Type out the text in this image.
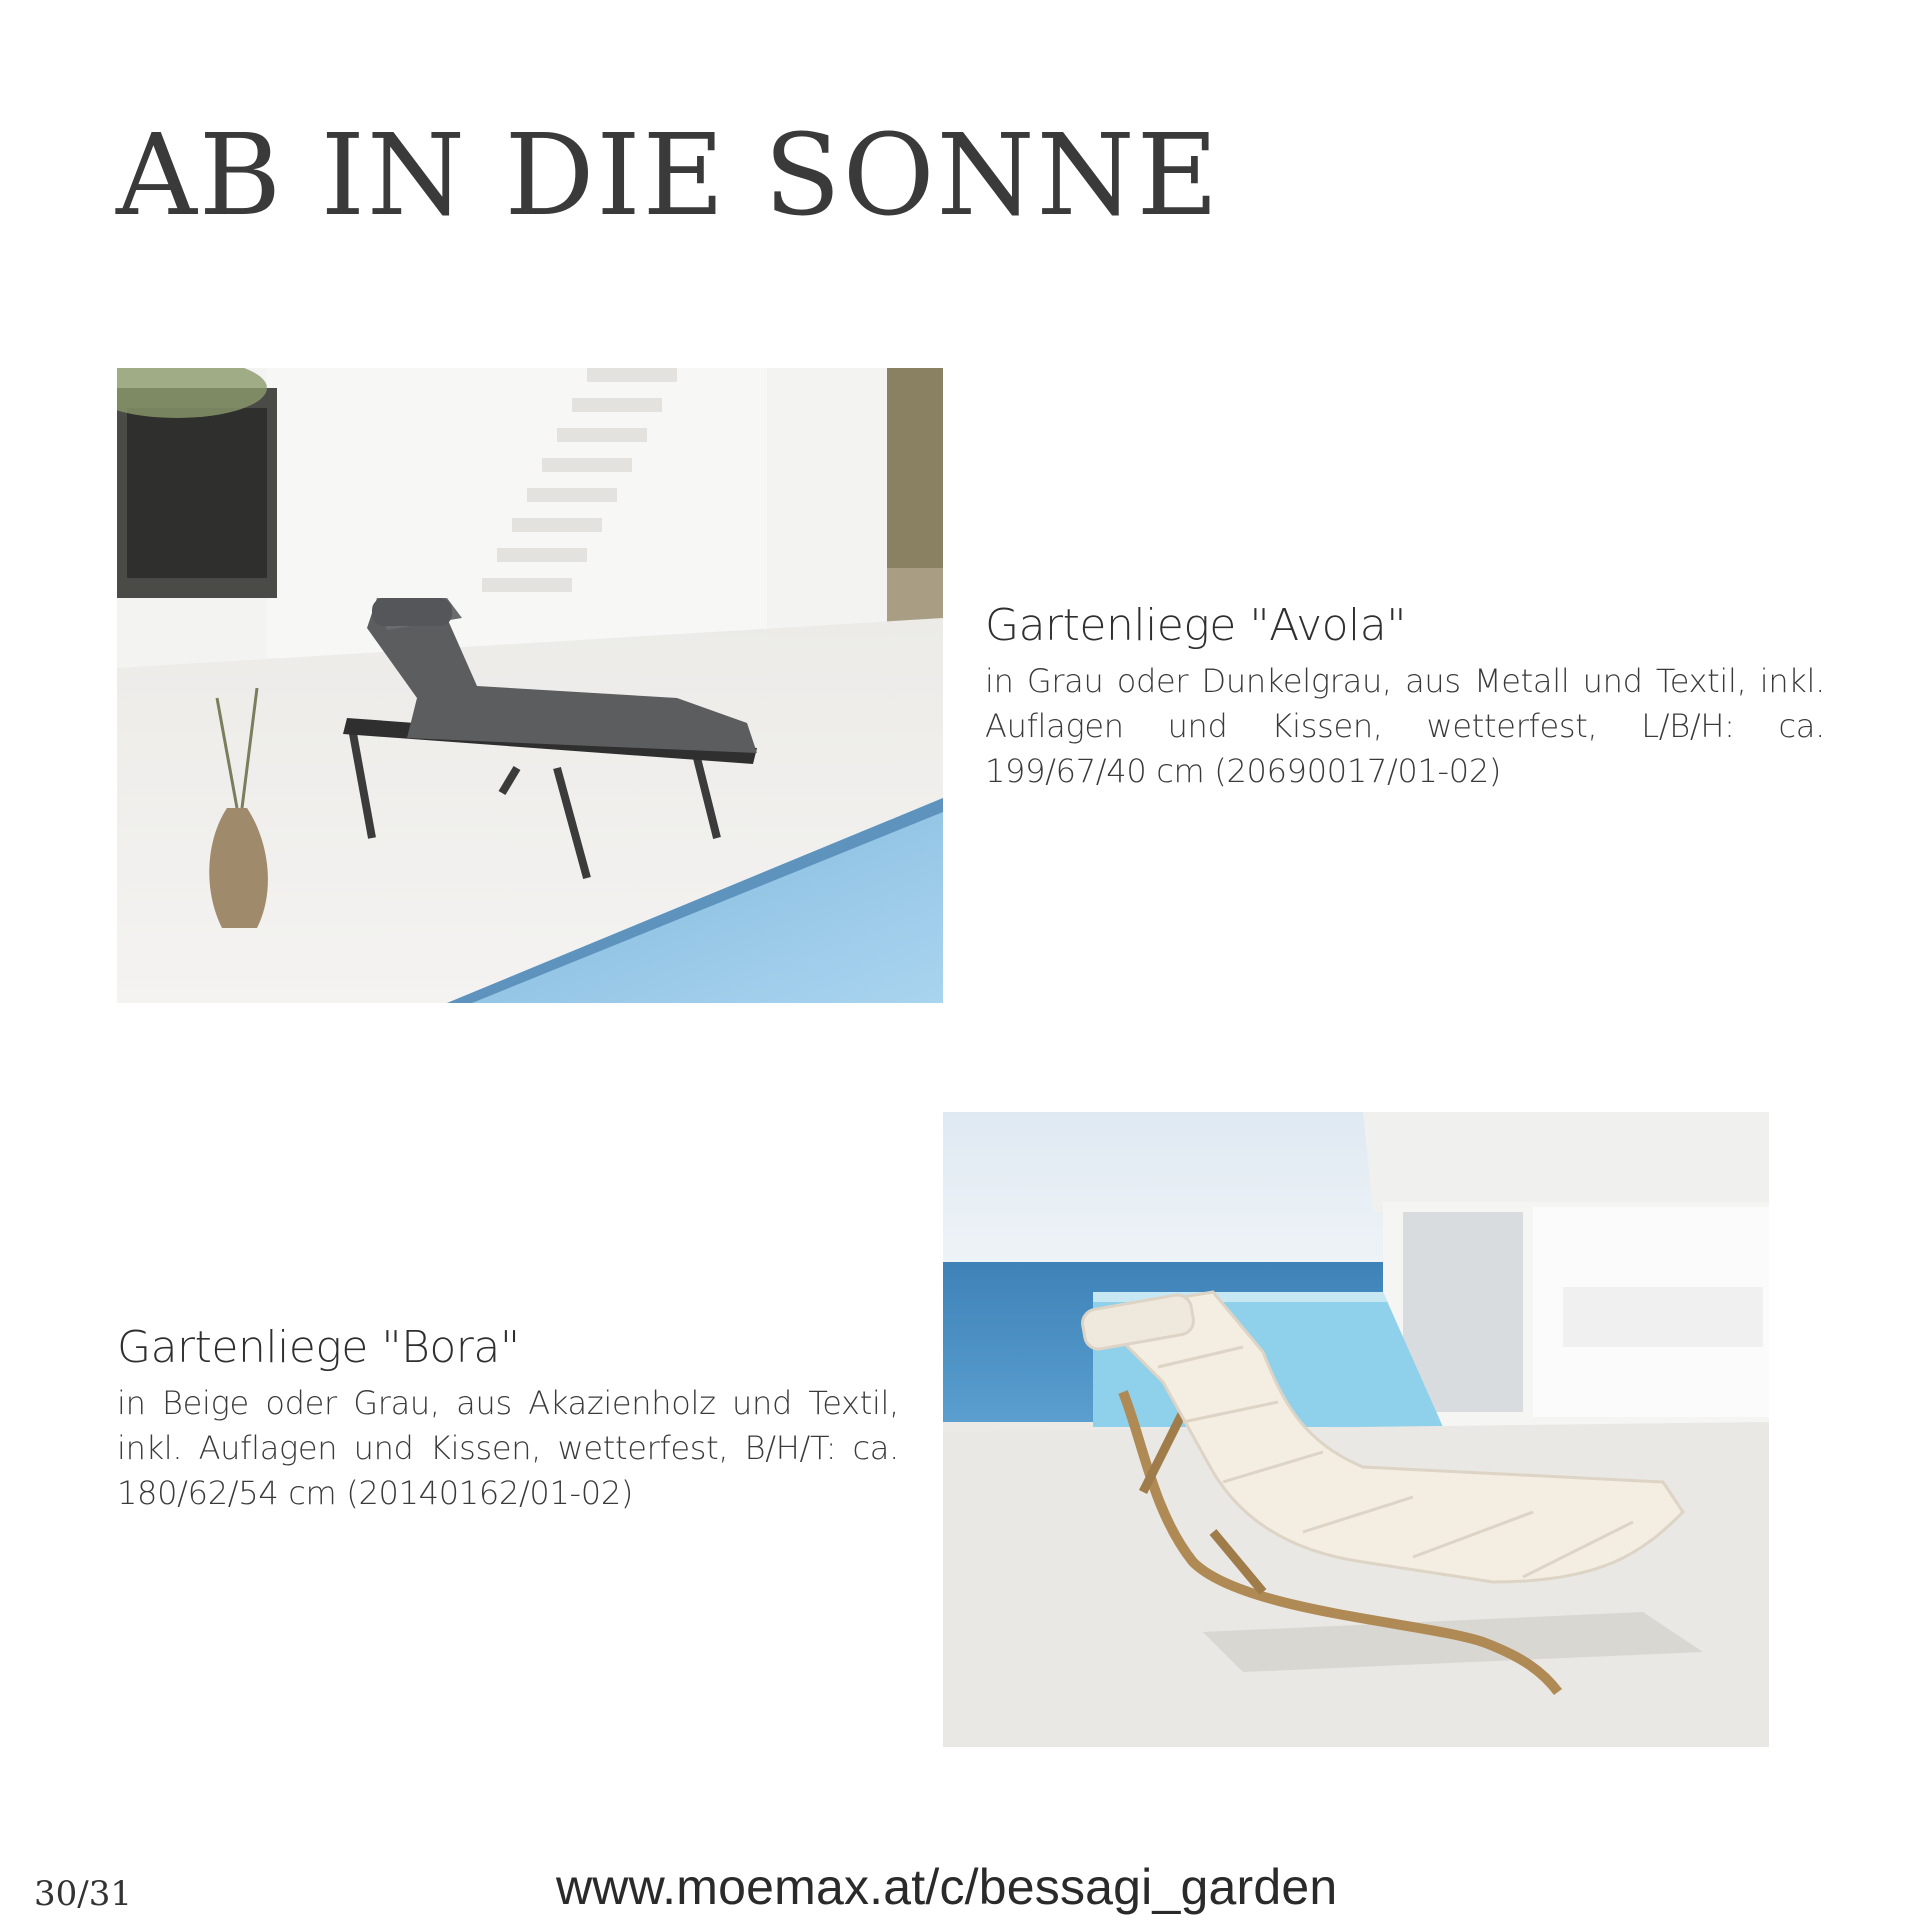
AB IN DIE SONNE

Gartenliege "Avola"

in Grau oder Dunkelgrau, aus Metall und Textil, inkl. Auflagen und Kissen, wetterfest, L/B/H: ca. 199/67/40 cm (20690017/01-02)

Gartenliege "Bora"

in Beige oder Grau, aus Akazienholz und Textil, inkl. Auflagen und Kissen, wetterfest, B/H/T: ca. 180/62/54 cm (20140162/01-02)

30/31	www.moemax.at/c/bessagi_garden
